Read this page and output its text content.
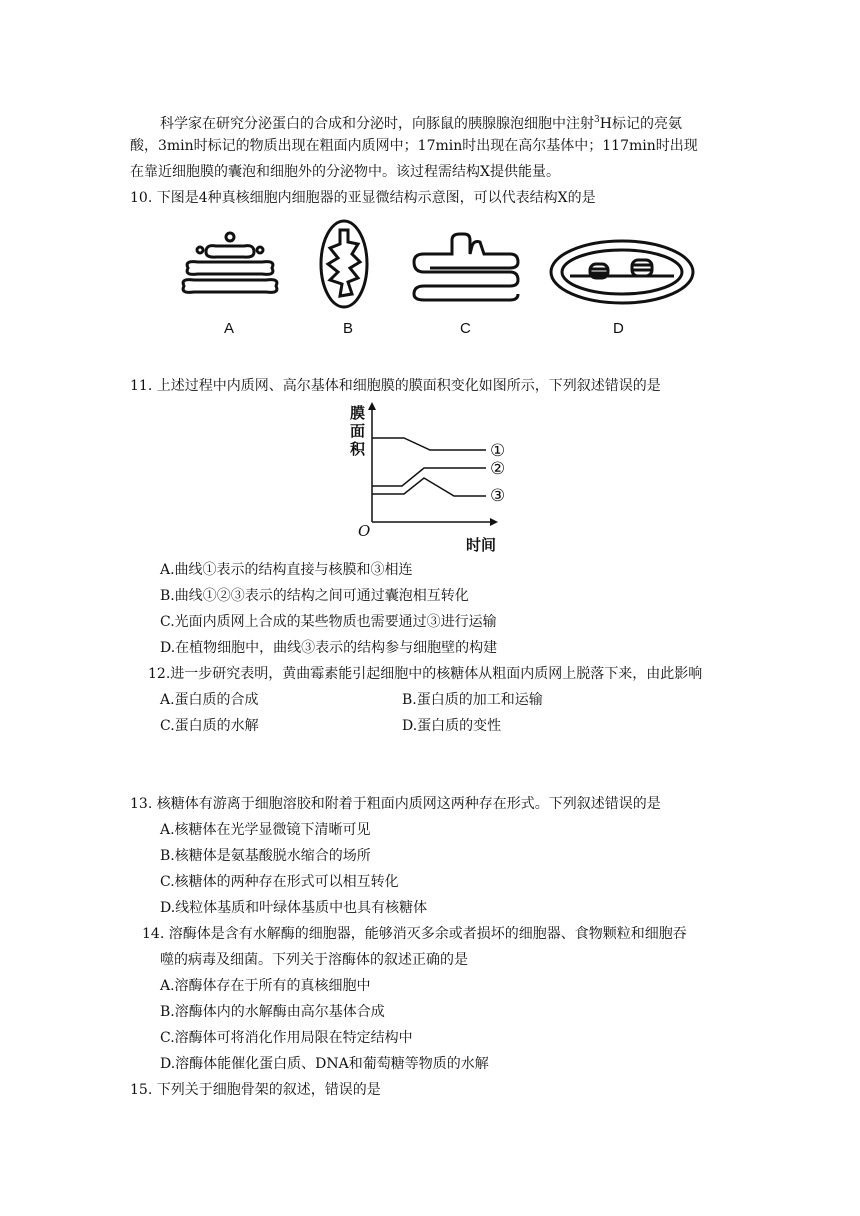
科学家在研究分泌蛋白的合成和分泌时，向豚鼠的胰腺腺泡细胞中注射$^3$H标记的亮氨
酸，3min时标记的物质出现在粗面内质网中；17min时出现在高尔基体中；117min时出现
在靠近细胞膜的囊泡和细胞外的分泌物中。该过程需结构X提供能量。
10. 下图是4种真核细胞内细胞器的亚显微结构示意图，可以代表结构X的是
A	B	C	D
11. 上述过程中内质网、高尔基体和细胞膜的膜面积变化如图所示，下列叙述错误的是
膜
面
积
O
时间
①
②
③
A.曲线①表示的结构直接与核膜和③相连
B.曲线①②③表示的结构之间可通过囊泡相互转化
C.光面内质网上合成的某些物质也需要通过③进行运输
D.在植物细胞中，曲线③表示的结构参与细胞壁的构建
12.进一步研究表明，黄曲霉素能引起细胞中的核糖体从粗面内质网上脱落下来，由此影响
A.蛋白质的合成	B.蛋白质的加工和运输
C.蛋白质的水解	D.蛋白质的变性
13. 核糖体有游离于细胞溶胶和附着于粗面内质网这两种存在形式。下列叙述错误的是
A.核糖体在光学显微镜下清晰可见
B.核糖体是氨基酸脱水缩合的场所
C.核糖体的两种存在形式可以相互转化
D.线粒体基质和叶绿体基质中也具有核糖体
14. 溶酶体是含有水解酶的细胞器，能够消灭多余或者损坏的细胞器、食物颗粒和细胞吞
噬的病毒及细菌。下列关于溶酶体的叙述正确的是
A.溶酶体存在于所有的真核细胞中
B.溶酶体内的水解酶由高尔基体合成
C.溶酶体可将消化作用局限在特定结构中
D.溶酶体能催化蛋白质、DNA和葡萄糖等物质的水解
15. 下列关于细胞骨架的叙述，错误的是
